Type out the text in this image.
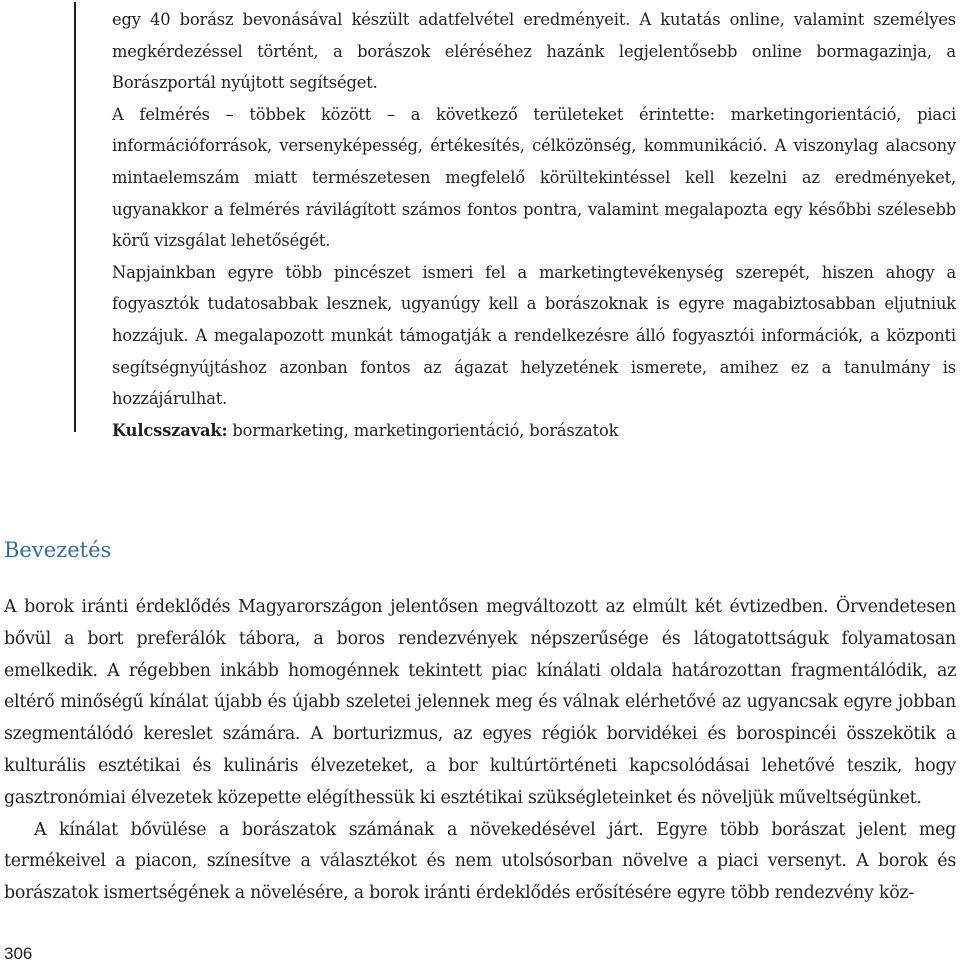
egy 40 borász bevonásával készült adatfelvétel eredményeit. A kutatás online, valamint személyes megkérdezéssel történt, a borászok eléréséhez hazánk legjelentősebb online bormagazinja, a Borászportál nyújtott segítséget.

A felmérés – többek között – a következő területeket érintette: marketingorientáció, piaci információforrások, versenyképesség, értékesítés, célközönség, kommunikáció. A viszonylag alacsony mintaelemszám miatt természetesen megfelelő körültekintéssel kell kezelni az eredményeket, ugyanakkor a felmérés rávilágított számos fontos pontra, valamint megalapozta egy későbbi szélesebb körű vizsgálat lehetőségét.

Napjainkban egyre több pincészet ismeri fel a marketingtevékenység szerepét, hiszen ahogy a fogyasztók tudatosabbak lesznek, ugyanúgy kell a borászoknak is egyre magabiztosabban eljutniuk hozzájuk. A megalapozott munkát támogatják a rendelkezésre álló fogyasztói információk, a központi segítségnyújtáshoz azonban fontos az ágazat helyzetének ismerete, amihez ez a tanulmány is hozzájárulhat.

Kulcsszavak: bormarketing, marketingorientáció, borászatok

Bevezetés

A borok iránti érdeklődés Magyarországon jelentősen megváltozott az elmúlt két évtizedben. Örvendetesen bővül a bort preferálók tábora, a boros rendezvények népszerűsége és látogatottságuk folyamatosan emelkedik. A régebben inkább homogénnek tekintett piac kínálati oldala határozottan fragmentálódik, az eltérő minőségű kínálat újabb és újabb szeletei jelennek meg és válnak elérhetővé az ugyancsak egyre jobban szegmentálódó kereslet számára. A borturizmus, az egyes régiók borvidékei és borospincéi összekötik a kulturális esztétikai és kulináris élvezeteket, a bor kultúrtörténeti kapcsolódásai lehetővé teszik, hogy gasztronómiai élvezetek közepette elégíthessük ki esztétikai szükségleteinket és növeljük műveltségünket.

A kínálat bővülése a borászatok számának a növekedésével járt. Egyre több borászat jelent meg termékeivel a piacon, színesítve a választékot és nem utolsósorban növelve a piaci versenyt. A borok és borászatok ismertségének a növelésére, a borok iránti érdeklődés erősítésére egyre több rendezvény köz-

306
